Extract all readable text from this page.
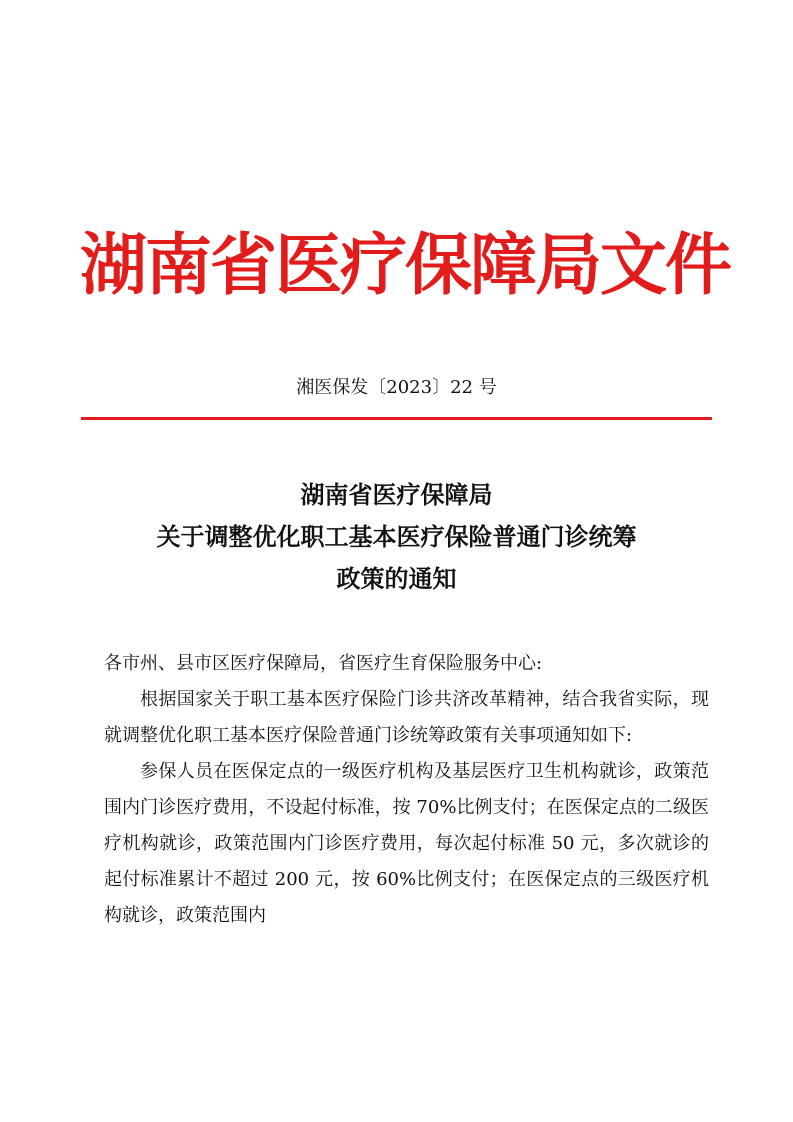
湖南省医疗保障局文件
湘医保发〔2023〕22 号
湖南省医疗保障局
关于调整优化职工基本医疗保险普通门诊统筹
政策的通知
各市州、县市区医疗保障局，省医疗生育保险服务中心:

根据国家关于职工基本医疗保险门诊共济改革精神，结合我省实际，现就调整优化职工基本医疗保险普通门诊统筹政策有关事项通知如下:

参保人员在医保定点的一级医疗机构及基层医疗卫生机构就诊，政策范围内门诊医疗费用，不设起付标准，按 70%比例支付；在医保定点的二级医疗机构就诊，政策范围内门诊医疗费用，每次起付标准 50 元，多次就诊的起付标准累计不超过 200 元，按 60%比例支付；在医保定点的三级医疗机构就诊，政策范围内
